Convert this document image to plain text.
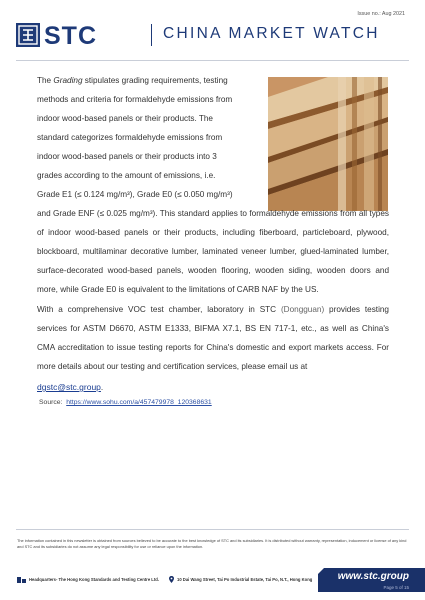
Issue no.: Aug 2021
STC	CHINA MARKET WATCH
The Grading stipulates grading requirements, testing
methods and criteria for formaldehyde emissions from
indoor wood-based panels or their products. The
standard categorizes formaldehyde emissions from
indoor wood-based panels or their products into 3
grades according to the amount of emissions, i.e.
Grade E1 (≤ 0.124 mg/m³), Grade E0 (≤ 0.050 mg/m³)
and Grade ENF (≤ 0.025 mg/m³). This standard applies to formaldehyde emissions from all types of indoor wood-based panels or their products, including fiberboard, particleboard, plywood, blockboard, multilaminar decorative lumber, laminated veneer lumber, glued-laminated lumber, surface-decorated wood-based panels, wooden flooring, wooden siding, wooden doors and more, while Grade E0 is equivalent to the limitations of CARB NAF by the US.
With a comprehensive VOC test chamber, laboratory in STC (Dongguan) provides testing services for ASTM D6670, ASTM E1333, BIFMA X7.1, BS EN 717-1, etc., as well as China's CMA accreditation to issue testing reports for China's domestic and export markets access. For more details about our testing and certification services, please email us at
dgstc@stc.group.
Source: https://www.sohu.com/a/457479978_120368631
The information contained in this newsletter is obtained from sources believed to be accurate to the best knowledge of STC and its subsidiaries. It is distributed without warranty, representation, inducement or license of any kind and STC and its subsidiaries do not assume any legal responsibility for use or reliance upon the information.
Headquarters - The Hong Kong Standards and Testing Centre Ltd.	10 Dai Wang Street, Tai Po Industrial Estate, Tai Po, N.T., Hong Kong	www.stc.group
Page 5 of 15
